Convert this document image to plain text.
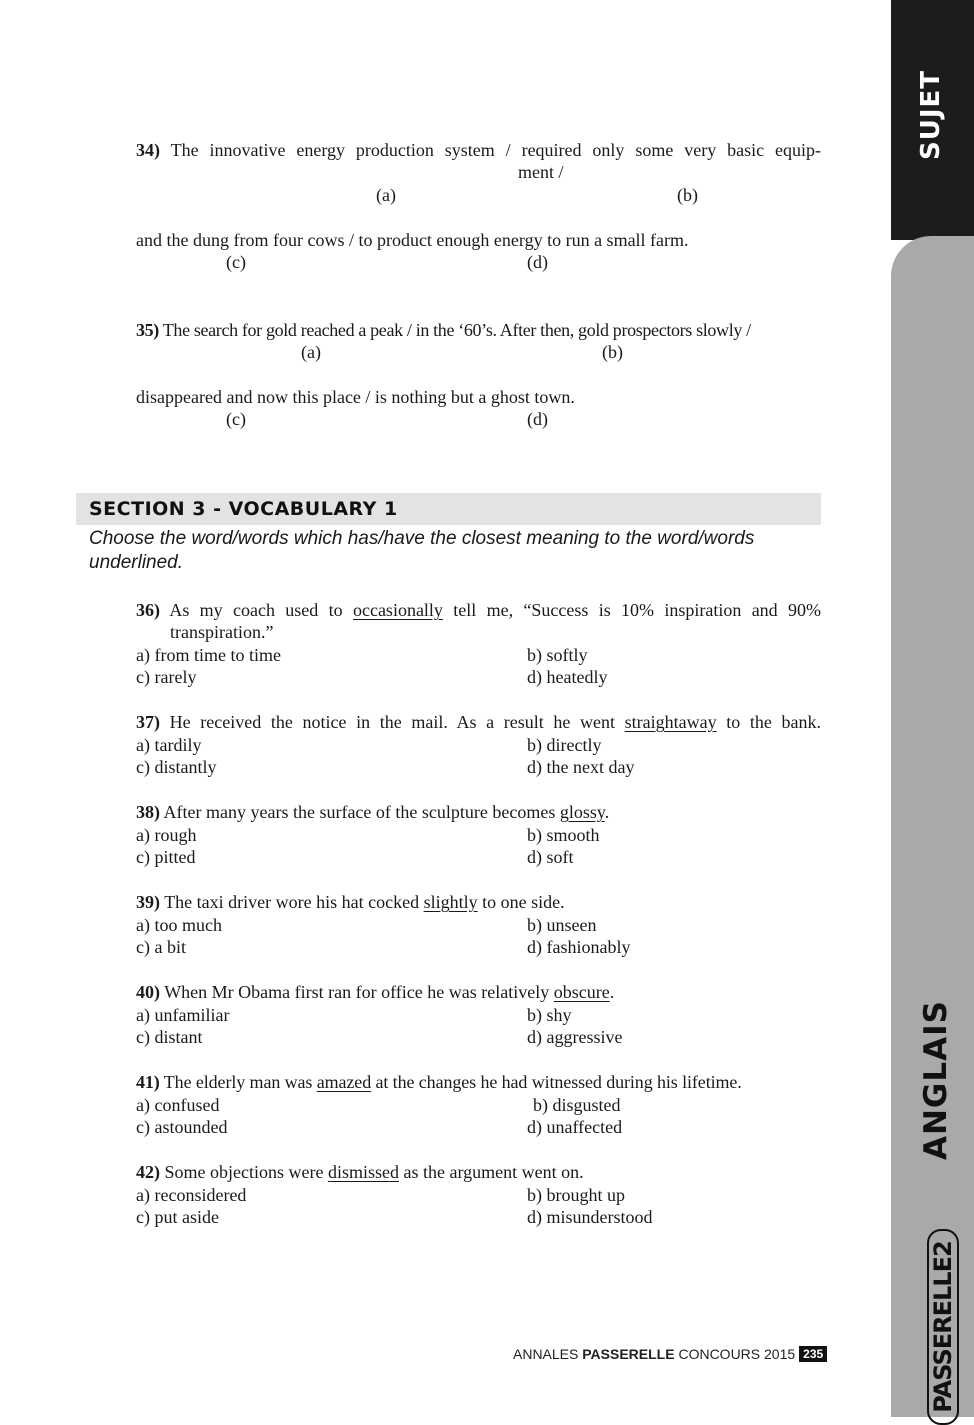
SUJET
ANGLAIS
PASSERELLE2
34) The innovative energy production system / required only some very basic equip-
ment /
(a)	(b)
and the dung from four cows / to product enough energy to run a small farm.
(c)	(d)
35) The search for gold reached a peak / in the ‘60’s. After then, gold prospectors slowly /
(a)	(b)
disappeared and now this place / is nothing but a ghost town.
(c)	(d)
SECTION 3 - VOCABULARY 1
Choose the word/words which has/have the closest meaning to the word/words underlined.
36) As my coach used to occasionally tell me, “Success is 10% inspiration and 90%
transpiration.”
a) from time to time	b) softly
c) rarely	d) heatedly
37) He received the notice in the mail. As a result he went straightaway to the bank.
a) tardily	b) directly
c) distantly	d) the next day
38) After many years the surface of the sculpture becomes glossy.
a) rough	b) smooth
c) pitted	d) soft
39) The taxi driver wore his hat cocked slightly to one side.
a) too much	b) unseen
c) a bit	d) fashionably
40) When Mr Obama first ran for office he was relatively obscure.
a) unfamiliar	b) shy
c) distant	d) aggressive
41) The elderly man was amazed at the changes he had witnessed during his lifetime.
a) confused	b) disgusted
c) astounded	d) unaffected
42) Some objections were dismissed as the argument went on.
a) reconsidered	b) brought up
c) put aside	d) misunderstood
ANNALES PASSERELLE CONCOURS 2015 235
